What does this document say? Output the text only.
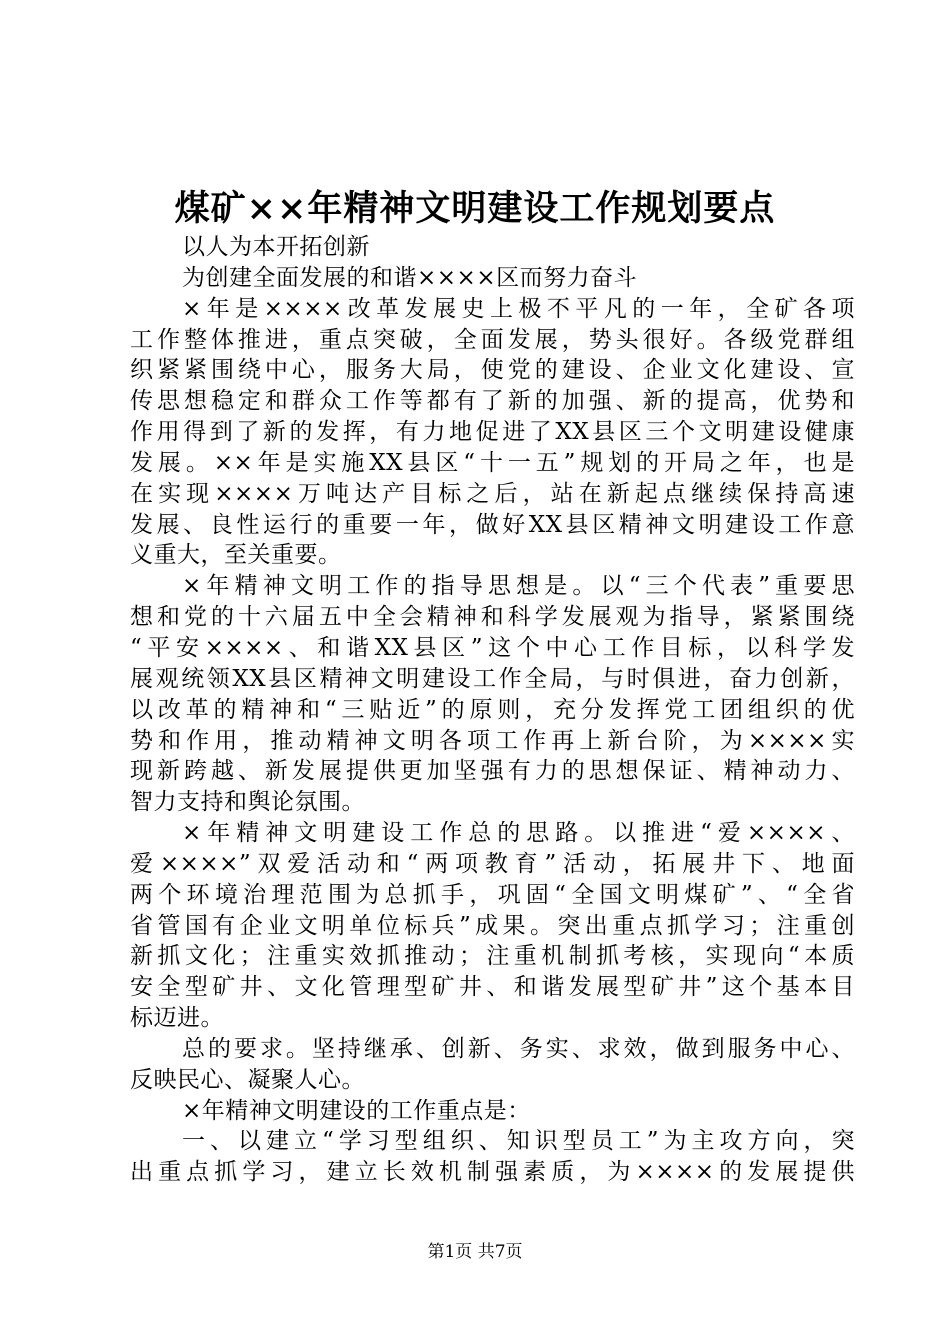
煤矿××年精神文明建设工作规划要点
以人为本开拓创新
为创建全面发展的和谐××××区而努力奋斗
×年是××××改革发展史上极不平凡的一年，全矿各项
工作整体推进，重点突破，全面发展，势头很好。各级党群组
织紧紧围绕中心，服务大局，使党的建设、企业文化建设、宣
传思想稳定和群众工作等都有了新的加强、新的提高，优势和
作用得到了新的发挥，有力地促进了XX县区三个文明建设健康
发展。××年是实施XX县区“十一五”规划的开局之年，也是
在实现××××万吨达产目标之后，站在新起点继续保持高速
发展、良性运行的重要一年，做好XX县区精神文明建设工作意
义重大，至关重要。
×年精神文明工作的指导思想是。以“三个代表”重要思
想和党的十六届五中全会精神和科学发展观为指导，紧紧围绕
“平安××××、和谐XX县区”这个中心工作目标，以科学发
展观统领XX县区精神文明建设工作全局，与时俱进，奋力创新，
以改革的精神和“三贴近”的原则，充分发挥党工团组织的优
势和作用，推动精神文明各项工作再上新台阶，为××××实
现新跨越、新发展提供更加坚强有力的思想保证、精神动力、
智力支持和舆论氛围。
×年精神文明建设工作总的思路。以推进“爱××××、
爱××××”双爱活动和“两项教育”活动，拓展井下、地面
两个环境治理范围为总抓手，巩固“全国文明煤矿”、“全省
省管国有企业文明单位标兵”成果。突出重点抓学习；注重创
新抓文化；注重实效抓推动；注重机制抓考核，实现向“本质
安全型矿井、文化管理型矿井、和谐发展型矿井”这个基本目
标迈进。
总的要求。坚持继承、创新、务实、求效，做到服务中心、
反映民心、凝聚人心。
×年精神文明建设的工作重点是：
一、以建立“学习型组织、知识型员工”为主攻方向，突
出重点抓学习，建立长效机制强素质，为××××的发展提供
第1页 共7页
